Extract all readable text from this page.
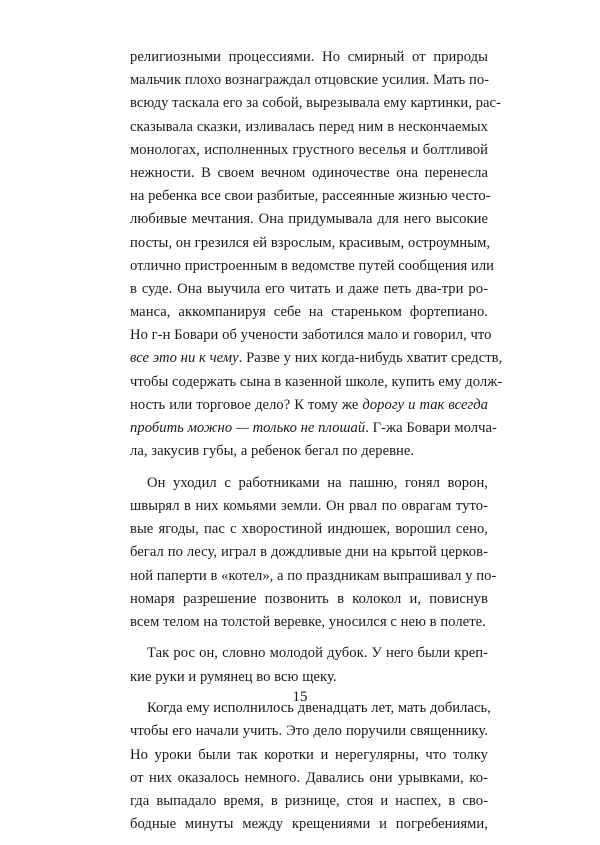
религиозными процессиями. Но смирный от природы
мальчик плохо вознаграждал отцовские усилия. Мать по-
всюду таскала его за собой, вырезывала ему картинки, рас-
сказывала сказки, изливалась перед ним в нескончаемых
монологах, исполненных грустного веселья и болтливой
нежности. В своем вечном одиночестве она перенесла
на ребенка все свои разбитые, рассеянные жизнью често-
любивые мечтания. Она придумывала для него высокие
посты, он грезился ей взрослым, красивым, остроумным,
отлично пристроенным в ведомстве путей сообщения или
в суде. Она выучила его читать и даже петь два-три ро-
манса, аккомпанируя себе на стареньком фортепиано.
Но г-н Бовари об учености заботился мало и говорил, что
все это ни к чему. Разве у них когда-нибудь хватит средств,
чтобы содержать сына в казенной школе, купить ему долж-
ность или торговое дело? К тому же дорогу и так всегда
пробить можно — только не плошай. Г-жа Бовари молча-
ла, закусив губы, а ребенок бегал по деревне.
Он уходил с работниками на пашню, гонял ворон,
швырял в них комьями земли. Он рвал по оврагам туто-
вые ягоды, пас с хворостиной индюшек, ворошил сено,
бегал по лесу, играл в дождливые дни на крытой церков-
ной паперти в «котел», а по праздникам выпрашивал у по-
номаря разрешение позвонить в колокол и, повиснув
всем телом на толстой веревке, уносился с нею в полете.
Так рос он, словно молодой дубок. У него были креп-
кие руки и румянец во всю щеку.
Когда ему исполнилось двенадцать лет, мать добилась,
чтобы его начали учить. Это дело поручили священнику.
Но уроки были так коротки и нерегулярны, что толку
от них оказалось немного. Давались они урывками, ко-
гда выпадало время, в ризнице, стоя и наспех, в сво-
бодные минуты между крещениями и погребениями,
15
